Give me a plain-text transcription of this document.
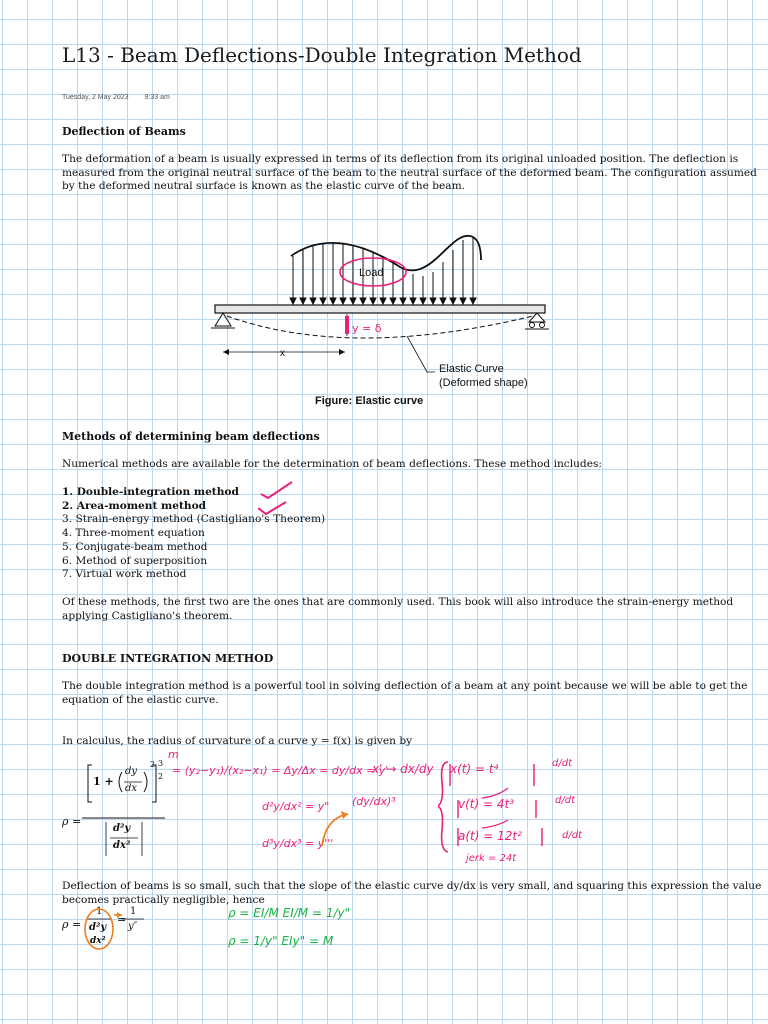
L13 - Beam Deflections-Double Integration Method
Tuesday, 2 May 2023 9:33 am
Deflection of Beams
The deformation of a beam is usually expressed in terms of its deflection from its original unloaded position. The deflection is measured from the original neutral surface of the beam to the neutral surface of the deformed beam. The configuration assumed by the deformed neutral surface is known as the elastic curve of the beam.
y = δ
x
Load
Elastic Curve
(Deformed shape)
Figure: Elastic curve
Methods of determining beam deflections
Numerical methods are available for the determination of beam deflections. These method includes:
1. Double-integration method
2. Area-moment method
3. Strain-energy method (Castigliano's Theorem)
4. Three-moment equation
5. Conjugate-beam method
6. Method of superposition
7. Virtual work method
Of these methods, the first two are the ones that are commonly used. This book will also introduce the strain-energy method applying Castigliano's theorem.
DOUBLE INTEGRATION METHOD
The double integration method is a powerful tool in solving deflection of a beam at any point because we will be able to get the equation of the elastic curve.
In calculus, the radius of curvature of a curve y = f(x) is given by
ρ =
1 +
dy
dx
2 3
2
d²y
dx²
m
= (y₂−y₁)/(x₂−x₁) = Δy/Δx = dy/dx = y'
d²y/dx² = y"
d³y/dx³ = y'''
(dy/dx)³
x' → dx/dy x(t) = t⁴
v(t) = 4t³
a(t) = 12t²
jerk = 24t
d/dt
d/dt
d/dt
Deflection of beams is so small, such that the slope of the elastic curve dy/dx is very small, and squaring this expression the value becomes practically negligible, hence
ρ =
1
d²y
dx²
=
1
y″
ρ = EI/M EI/M = 1/y"
ρ = 1/y" EIy" = M
